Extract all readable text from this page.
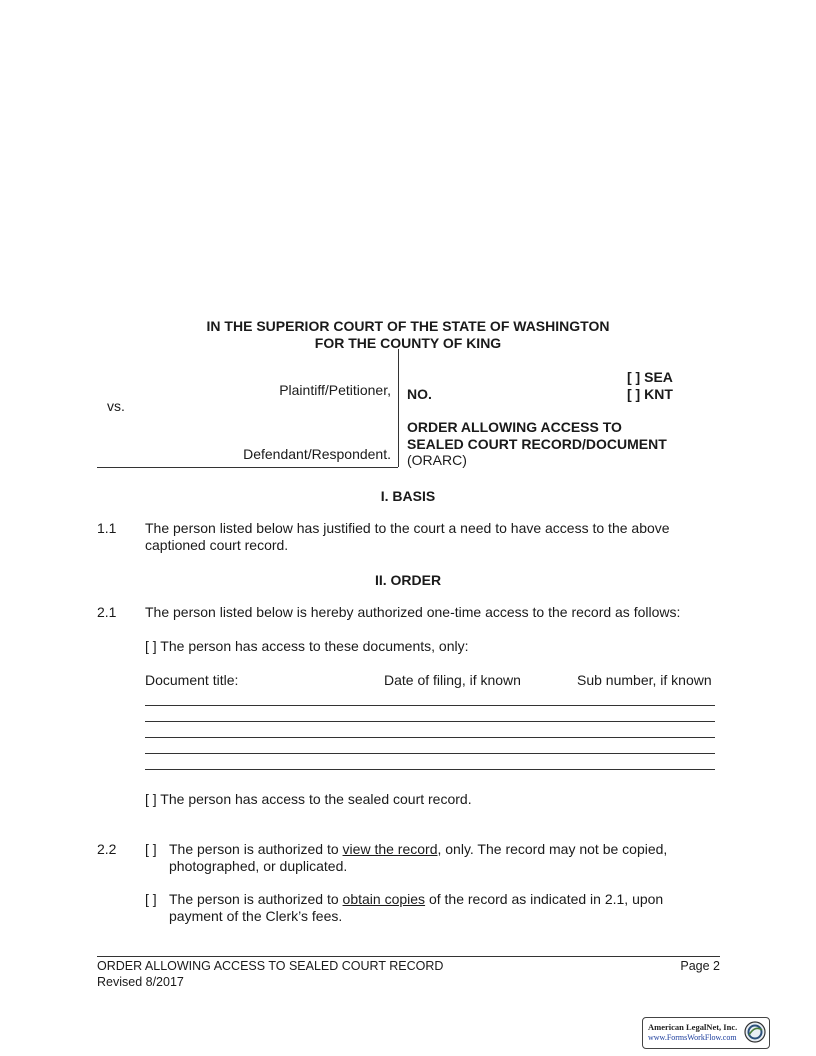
IN THE SUPERIOR COURT OF THE STATE OF WASHINGTON
FOR THE COUNTY OF KING
Plaintiff/Petitioner,
vs.
Defendant/Respondent.
NO.
[ ] SEA
[ ] KNT
ORDER ALLOWING ACCESS TO
SEALED COURT RECORD/DOCUMENT
(ORARC)
I. BASIS
1.1 The person listed below has justified to the court a need to have access to the above
captioned court record.
II. ORDER
2.1 The person listed below is hereby authorized one-time access to the record as follows:
[ ] The person has access to these documents, only:
Document title:	Date of filing, if known	Sub number, if known
[ ] The person has access to the sealed court record.
2.2 [ ] The person is authorized to view the record, only. The record may not be copied,
photographed, or duplicated.
[ ] The person is authorized to obtain copies of the record as indicated in 2.1, upon
payment of the Clerk’s fees.
ORDER ALLOWING ACCESS TO SEALED COURT RECORD	Page 2
Revised 8/2017
American LegalNet, Inc.
www.FormsWorkFlow.com
